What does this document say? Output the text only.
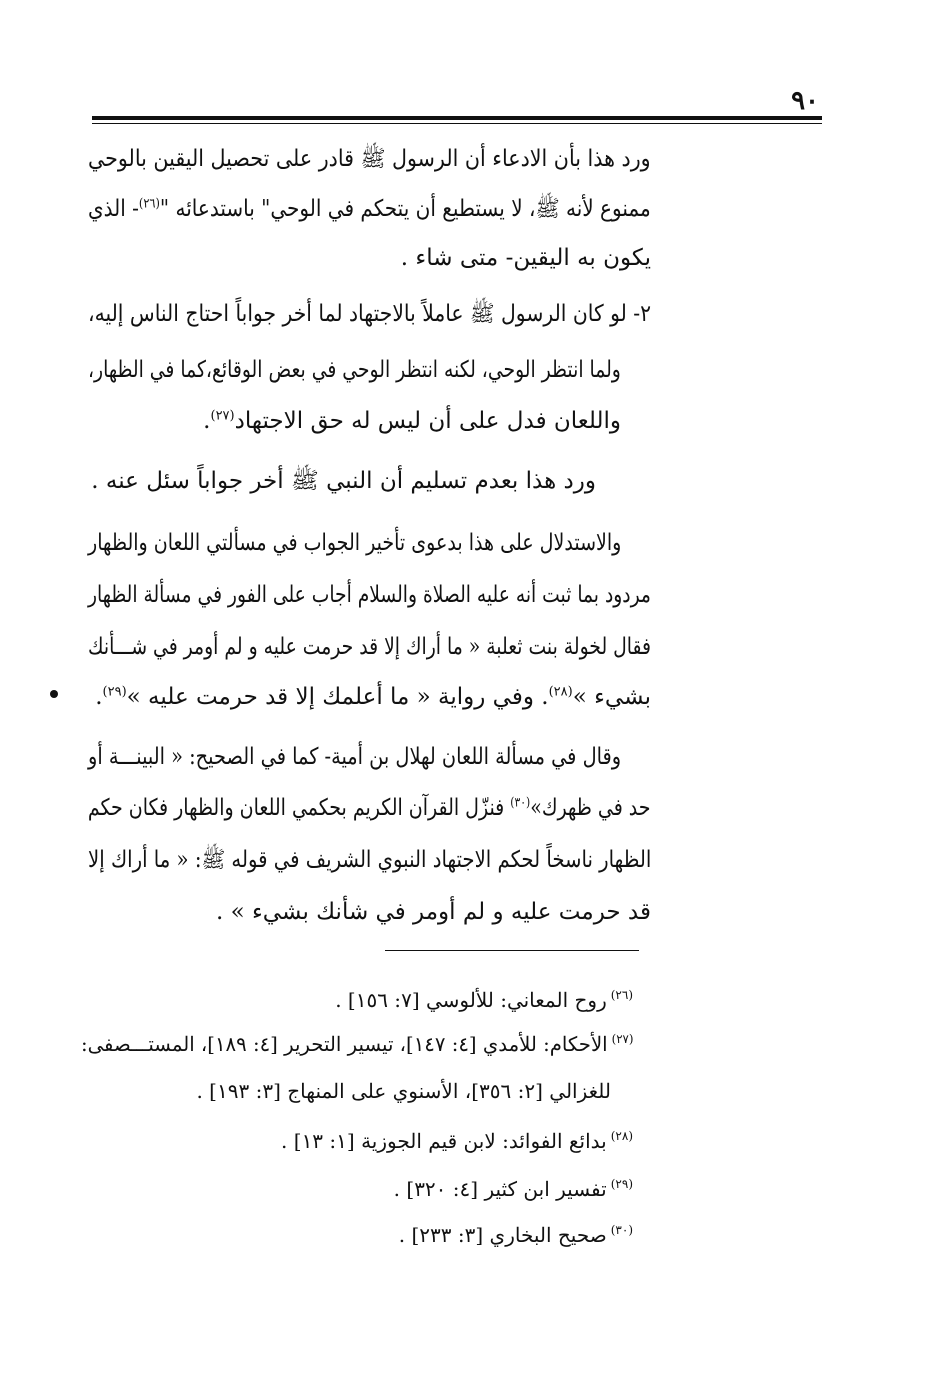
٩٠
ورد هذا بأن الادعاء أن الرسول ﷺ قادر على تحصيل اليقين بالوحي
ممنوع لأنه ﷺ، لا يستطيع أن يتحكم في الوحي" باستدعائه "$^{(٢٦)}$- الذي
يكون به اليقين- متى شاء .
٢- لو كان الرسول ﷺ عاملاً بالاجتهاد لما أخر جواباً احتاج الناس إليه،
ولما انتظر الوحي، لكنه انتظر الوحي في بعض الوقائع،كما في الظهار،
واللعان فدل على أن ليس له حق الاجتهاد$^{(٢٧)}$.
ورد هذا بعدم تسليم أن النبي ﷺ أخر جواباً سئل عنه .
والاستدلال على هذا بدعوى تأخير الجواب في مسألتي اللعان والظهار
مردود بما ثبت أنه عليه الصلاة والسلام أجاب على الفور في مسألة الظهار
فقال لخولة بنت ثعلبة « ما أراك إلا قد حرمت عليه و لم أومر في شـــأنك
بشيء »$^{(٢٨)}$. وفي رواية « ما أعلمك إلا قد حرمت عليه »$^{(٢٩)}$.
وقال في مسألة اللعان لهلال بن أمية- كما في الصحيح: « البينـــة أو
حد في ظهرك»$^{(٣٠)}$ فنزّل القرآن الكريم بحكمي اللعان والظهار فكان حكم
الظهار ناسخاً لحكم الاجتهاد النبوي الشريف في قوله ﷺ: « ما أراك إلا
قد حرمت عليه و لم أومر في شأنك بشيء » .
$^{(٢٦)}$روح المعاني: للألوسي [٧: ١٥٦] .
$^{(٢٧)}$الأحكام: للأمدي [٤: ١٤٧]، تيسير التحرير [٤: ١٨٩]، المستـــصفى:
للغزالي [٢: ٣٥٦]، الأسنوي على المنهاج [٣: ١٩٣] .
$^{(٢٨)}$بدائع الفوائد: لابن قيم الجوزية [١: ١٣] .
$^{(٢٩)}$تفسير ابن كثير [٤: ٣٢٠] .
$^{(٣٠)}$صحيح البخاري [٣: ٢٣٣] .
